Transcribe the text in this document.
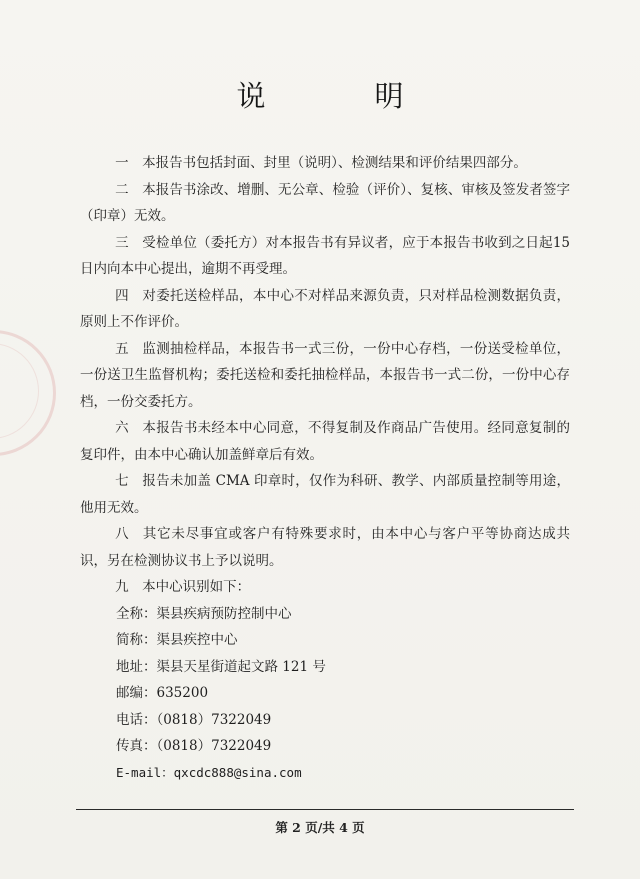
说　明

一 本报告书包括封面、封里（说明）、检测结果和评价结果四部分。

二 本报告书涂改、增删、无公章、检验（评价）、复核、审核及签发者签字（印章）无效。

三 受检单位（委托方）对本报告书有异议者，应于本报告书收到之日起15日内向本中心提出，逾期不再受理。

四 对委托送检样品，本中心不对样品来源负责，只对样品检测数据负责，原则上不作评价。

五 监测抽检样品，本报告书一式三份，一份中心存档，一份送受检单位，一份送卫生监督机构；委托送检和委托抽检样品，本报告书一式二份，一份中心存档，一份交委托方。

六 本报告书未经本中心同意，不得复制及作商品广告使用。经同意复制的复印件，由本中心确认加盖鲜章后有效。

七 报告未加盖 CMA 印章时，仅作为科研、教学、内部质量控制等用途，他用无效。

八 其它未尽事宜或客户有特殊要求时，由本中心与客户平等协商达成共识，另在检测协议书上予以说明。

九 本中心识别如下：

全称：渠县疾病预防控制中心
简称：渠县疾控中心
地址：渠县天星街道起文路 121 号
邮编：635200
电话：（0818）7322049
传真：（0818）7322049
E-mail：qxcdc888@sina.com
第 2 页/共 4 页
